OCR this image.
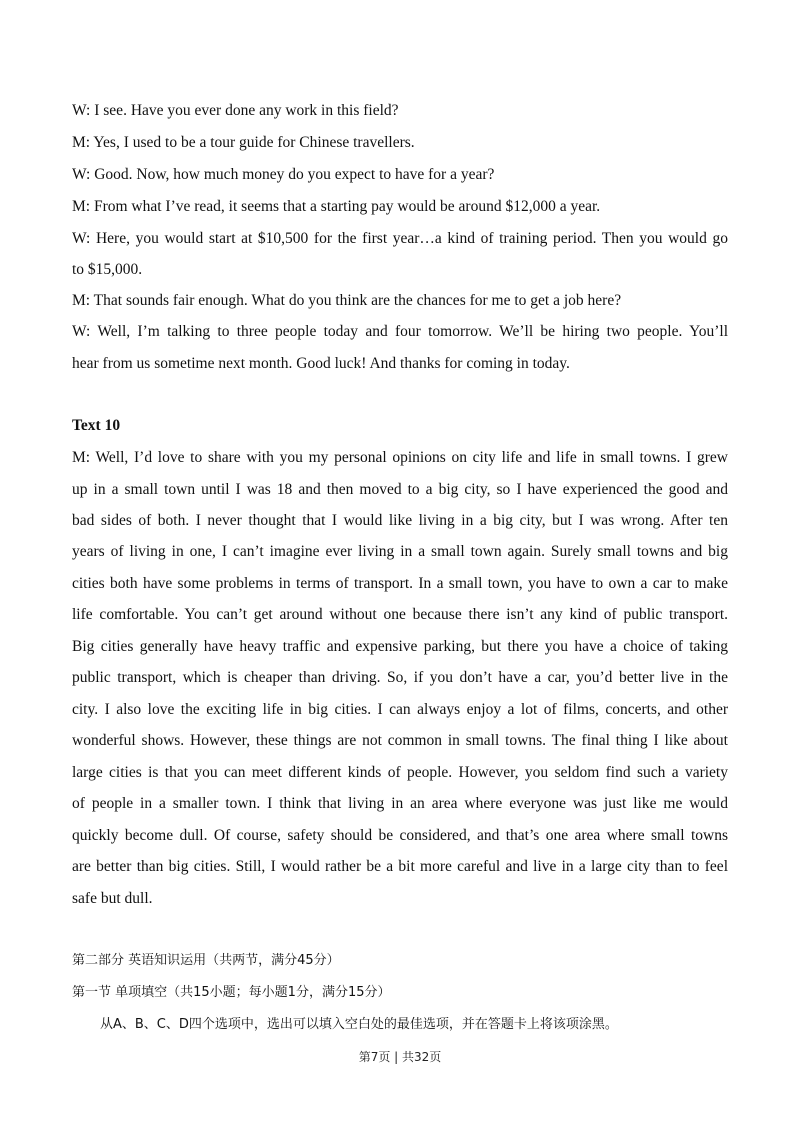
W: I see. Have you ever done any work in this field?
M: Yes, I used to be a tour guide for Chinese travellers.
W: Good. Now, how much money do you expect to have for a year?
M: From what I’ve read, it seems that a starting pay would be around $12,000 a year.
W: Here, you would start at $10,500 for the first year…a kind of training period. Then you would go
to $15,000.
M: That sounds fair enough. What do you think are the chances for me to get a job here?
W: Well, I’m talking to three people today and four tomorrow. We’ll be hiring two people. You’ll
hear from us sometime next month. Good luck! And thanks for coming in today.
Text 10
M: Well, I’d love to share with you my personal opinions on city life and life in small towns. I grew
up in a small town until I was 18 and then moved to a big city, so I have experienced the good and
bad sides of both. I never thought that I would like living in a big city, but I was wrong. After ten
years of living in one, I can’t imagine ever living in a small town again. Surely small towns and big
cities both have some problems in terms of transport. In a small town, you have to own a car to make
life comfortable. You can’t get around without one because there isn’t any kind of public transport.
Big cities generally have heavy traffic and expensive parking, but there you have a choice of taking
public transport, which is cheaper than driving. So, if you don’t have a car, you’d better live in the
city. I also love the exciting life in big cities. I can always enjoy a lot of films, concerts, and other
wonderful shows. However, these things are not common in small towns. The final thing I like about
large cities is that you can meet different kinds of people. However, you seldom find such a variety
of people in a smaller town. I think that living in an area where everyone was just like me would
quickly become dull. Of course, safety should be considered, and that’s one area where small towns
are better than big cities. Still, I would rather be a bit more careful and live in a large city than to feel
safe but dull.
第二部分 英语知识运用（共两节，满分45分）
第一节 单项填空（共15小题；每小题1分，满分15分）
从A、B、C、D四个选项中，选出可以填入空白处的最佳选项，并在答题卡上将该项涂黑。
第7页 | 共32页
